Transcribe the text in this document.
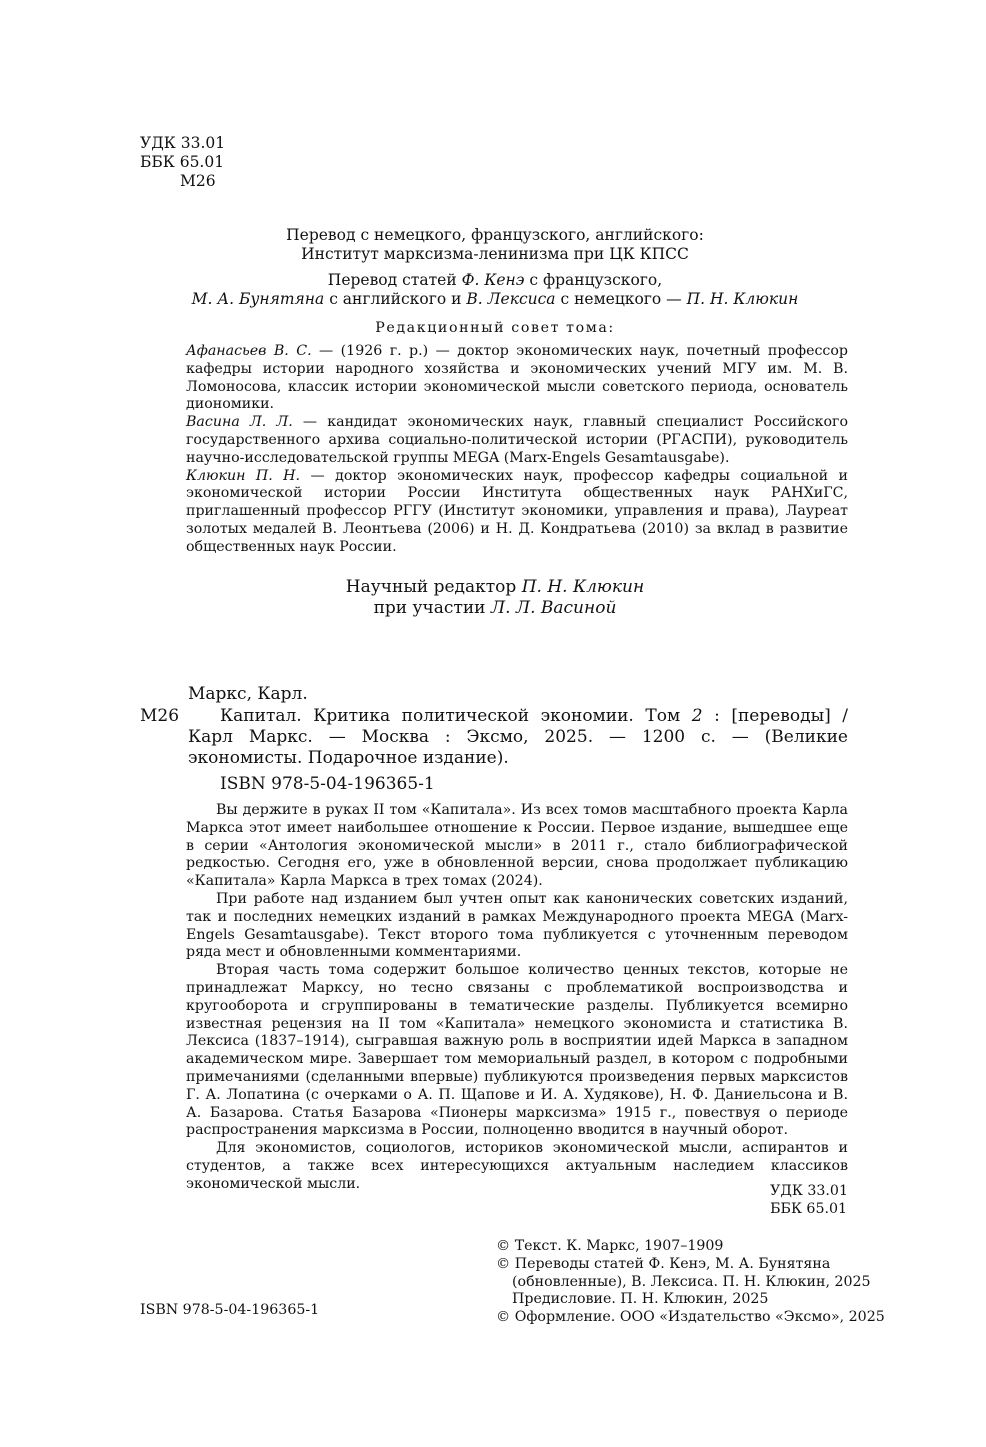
УДК 33.01
ББК 65.01
М26
Перевод с немецкого, французского, английского:
Институт марксизма-ленинизма при ЦК КПСС
Перевод статей Ф. Кенэ с французского,
М. А. Бунятяна с английского и В. Лексиса с немецкого — П. Н. Клюкин
Редакционный совет тома:

Афанасьев В. С. — (1926 г. р.) — доктор экономических наук, почетный профессор кафедры истории народного хозяйства и экономических учений МГУ им. М. В. Ломоносова, классик истории экономической мысли советского периода, основатель диономики.

Васина Л. Л. — кандидат экономических наук, главный специалист Российского государственного архива социально-политической истории (РГАСПИ), руководитель научно-исследовательской группы MEGA (Marx-Engels Gesamtausgabe).

Клюкин П. Н. — доктор экономических наук, профессор кафедры социальной и экономической истории России Института общественных наук РАНХиГС, приглашенный профессор РГГУ (Институт экономики, управления и права), Лауреат золотых медалей В. Леонтьева (2006) и Н. Д. Кондратьева (2010) за вклад в развитие общественных наук России.

Научный редактор П. Н. Клюкин
при участии Л. Л. Васиной
Маркс, Карл.
М26	Капитал. Критика политической экономии. Том 2 : [переводы] / Карл Маркс. — Москва : Эксмо, 2025. — 1200 с. — (Великие экономисты. Подарочное издание).
ISBN 978-5-04-196365-1

Вы держите в руках II том «Капитала». Из всех томов масштабного проекта Карла Маркса этот имеет наибольшее отношение к России. Первое издание, вышедшее еще в серии «Антология экономической мысли» в 2011 г., стало библиографической редкостью. Сегодня его, уже в обновленной версии, снова продолжает публикацию «Капитала» Карла Маркса в трех томах (2024).

При работе над изданием был учтен опыт как канонических советских изданий, так и последних немецких изданий в рамках Международного проекта MEGA (Marx-Engels Gesamtausgabe). Текст второго тома публикуется с уточненным переводом ряда мест и обновленными комментариями.

Вторая часть тома содержит большое количество ценных текстов, которые не принадлежат Марксу, но тесно связаны с проблематикой воспроизводства и кругооборота и сгруппированы в тематические разделы. Публикуется всемирно известная рецензия на II том «Капитала» немецкого экономиста и статистика В. Лексиса (1837–1914), сыгравшая важную роль в восприятии идей Маркса в западном академическом мире. Завершает том мемориальный раздел, в котором с подробными примечаниями (сделанными впервые) публикуются произведения первых марксистов Г. А. Лопатина (с очерками о А. П. Щапове и И. А. Худякове), Н. Ф. Даниельсона и В. А. Базарова. Статья Базарова «Пионеры марксизма» 1915 г., повествуя о периоде распространения марксизма в России, полноценно вводится в научный оборот.

Для экономистов, социологов, историков экономической мысли, аспирантов и студентов, а также всех интересующихся актуальным наследием классиков экономической мысли.	УДК 33.01
ББК 65.01
ISBN 978-5-04-196365-1
© Текст. К. Маркс, 1907–1909
© Переводы статей Ф. Кенэ, М. А. Бунятяна
(обновленные), В. Лексиса. П. Н. Клюкин, 2025
Предисловие. П. Н. Клюкин, 2025
© Оформление. ООО «Издательство «Эксмо», 2025
